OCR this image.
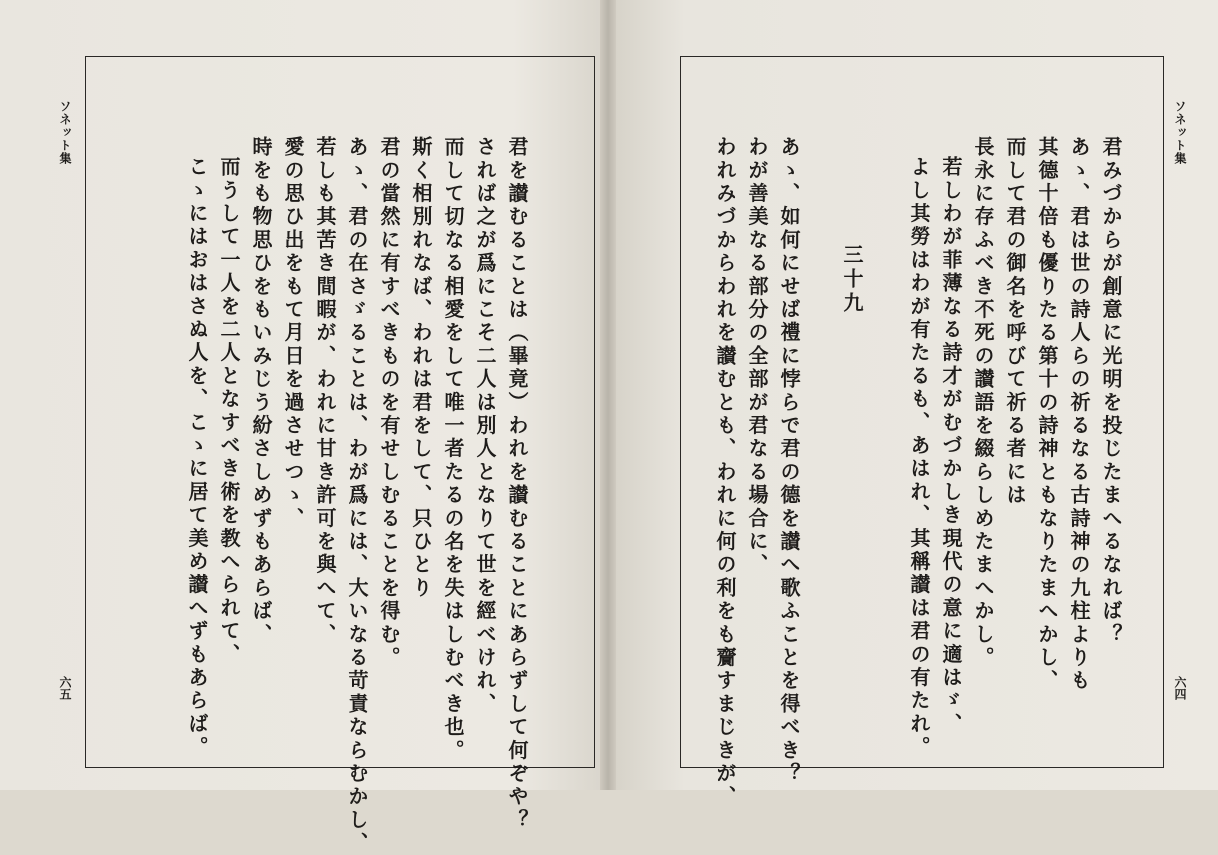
ソネット集
六五	君を讃むることは（畢竟）われを讃むることにあらずして何ぞや？
されば之が爲にこそ二人は別人となりて世を經べけれ、
而して切なる相愛をして唯一者たるの名を失はしむべき也。
斯く相別れなば、われは君をして、只ひとり
君の當然に有すべきものを有せしむることを得む。
あゝ、君の在さゞることは、わが爲には、大いなる苛責ならむかし、
若しも其苦き間暇が、われに甘き許可を與へて、
愛の思ひ出をもて月日を過させつゝ、
時をも物思ひをもいみじう紛さしめずもあらば、
而うして一人を二人となすべき術を教へられて、
こゝにはおはさぬ人を、こゝに居て美め讃へずもあらば。
ソネット集
六四
君みづからが創意に光明を投じたまへるなれば？
あゝ、君は世の詩人らの祈るなる古詩神の九柱よりも
其德十倍も優りたる第十の詩神ともなりたまへかし、
而して君の御名を呼びて祈る者には
長永に存ふべき不死の讃語を綴らしめたまへかし。
若しわが菲薄なる詩才がむづかしき現代の意に適はゞ、
よし其勞はわが有たるも、あはれ、其稱讃は君の有たれ。
三十九
あゝ、如何にせば禮に悖らで君の德を讃へ歌ふことを得べき？
わが善美なる部分の全部が君なる場合に、
われみづからわれを讃むとも、われに何の利をも齎すまじきが、
